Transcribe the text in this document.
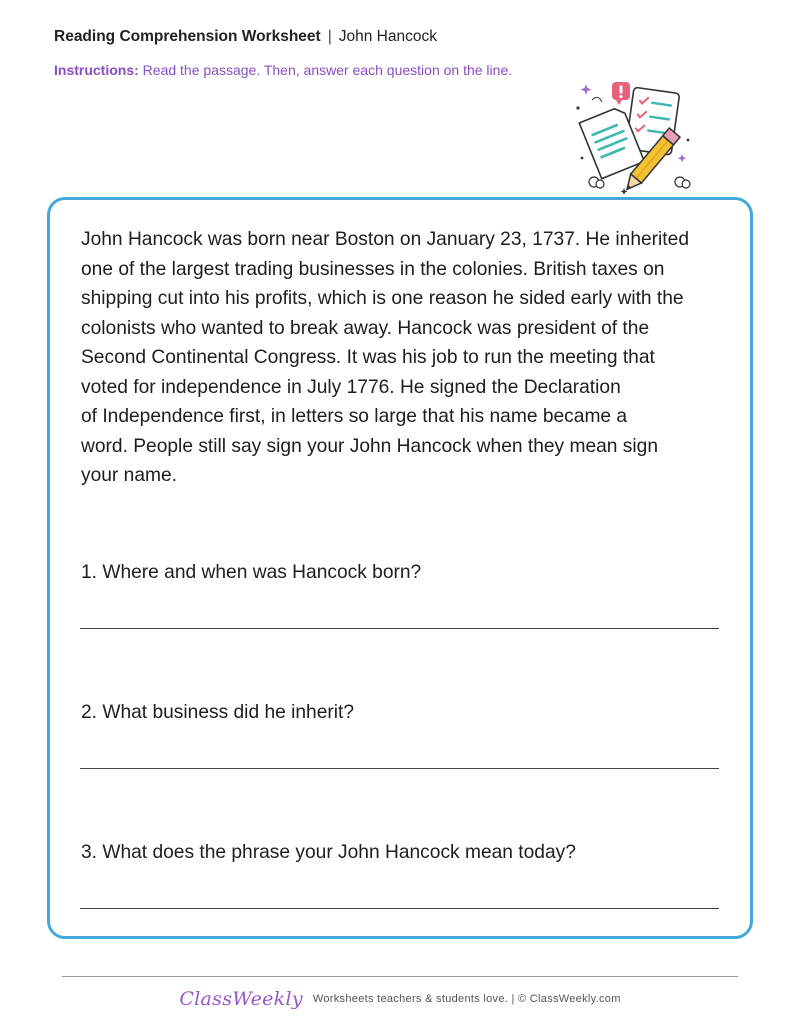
Reading Comprehension Worksheet | John Hancock
Instructions: Read the passage. Then, answer each question on the line.
John Hancock was born near Boston on January 23, 1737. He inherited
one of the largest trading businesses in the colonies. British taxes on
shipping cut into his profits, which is one reason he sided early with the
colonists who wanted to break away. Hancock was president of the
Second Continental Congress. It was his job to run the meeting that
voted for independence in July 1776. He signed the Declaration
of Independence first, in letters so large that his name became a
word. People still say sign your John Hancock when they mean sign
your name.
1. Where and when was Hancock born?
2. What business did he inherit?
3. What does the phrase your John Hancock mean today?
ClassWeekly Worksheets teachers & students love. | © ClassWeekly.com
